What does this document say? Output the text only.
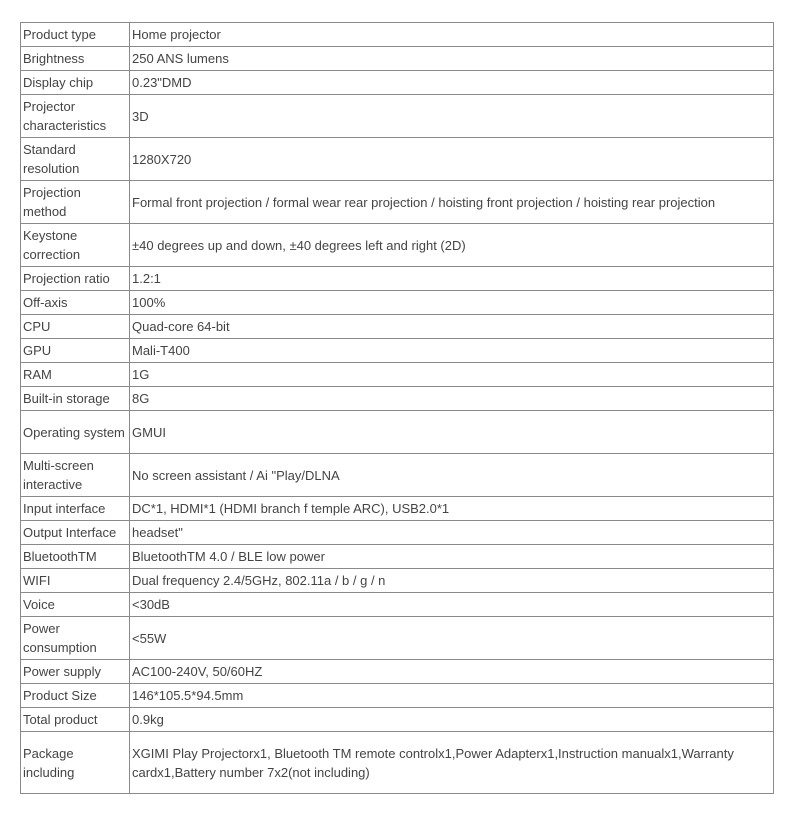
Product type	Home projector
Brightness	250 ANS lumens
Display chip	0.23"DMD
Projector characteristics	3D
Standard resolution	1280X720
Projection method	Formal front projection / formal wear rear projection / hoisting front projection / hoisting rear projection
Keystone correction	±40 degrees up and down, ±40 degrees left and right (2D)
Projection ratio	1.2:1
Off-axis	100%
CPU	Quad-core 64-bit
GPU	Mali-T400
RAM	1G
Built-in storage	8G
Operating system	GMUI
Multi-screen interactive	No screen assistant / Ai "Play/DLNA
Input interface	DC*1, HDMI*1 (HDMI branch f temple ARC), USB2.0*1
Output Interface	headset"
BluetoothTM	BluetoothTM 4.0 / BLE low power
WIFI	Dual frequency 2.4/5GHz, 802.11a / b / g / n
Voice	<30dB
Power consumption	<55W
Power supply	AC100-240V, 50/60HZ
Product Size	146*105.5*94.5mm
Total product	0.9kg
Package including	XGIMI Play Projectorx1, Bluetooth TM remote controlx1,Power Adapterx1,Instruction manualx1,Warranty cardx1,Battery number 7x2(not including)
